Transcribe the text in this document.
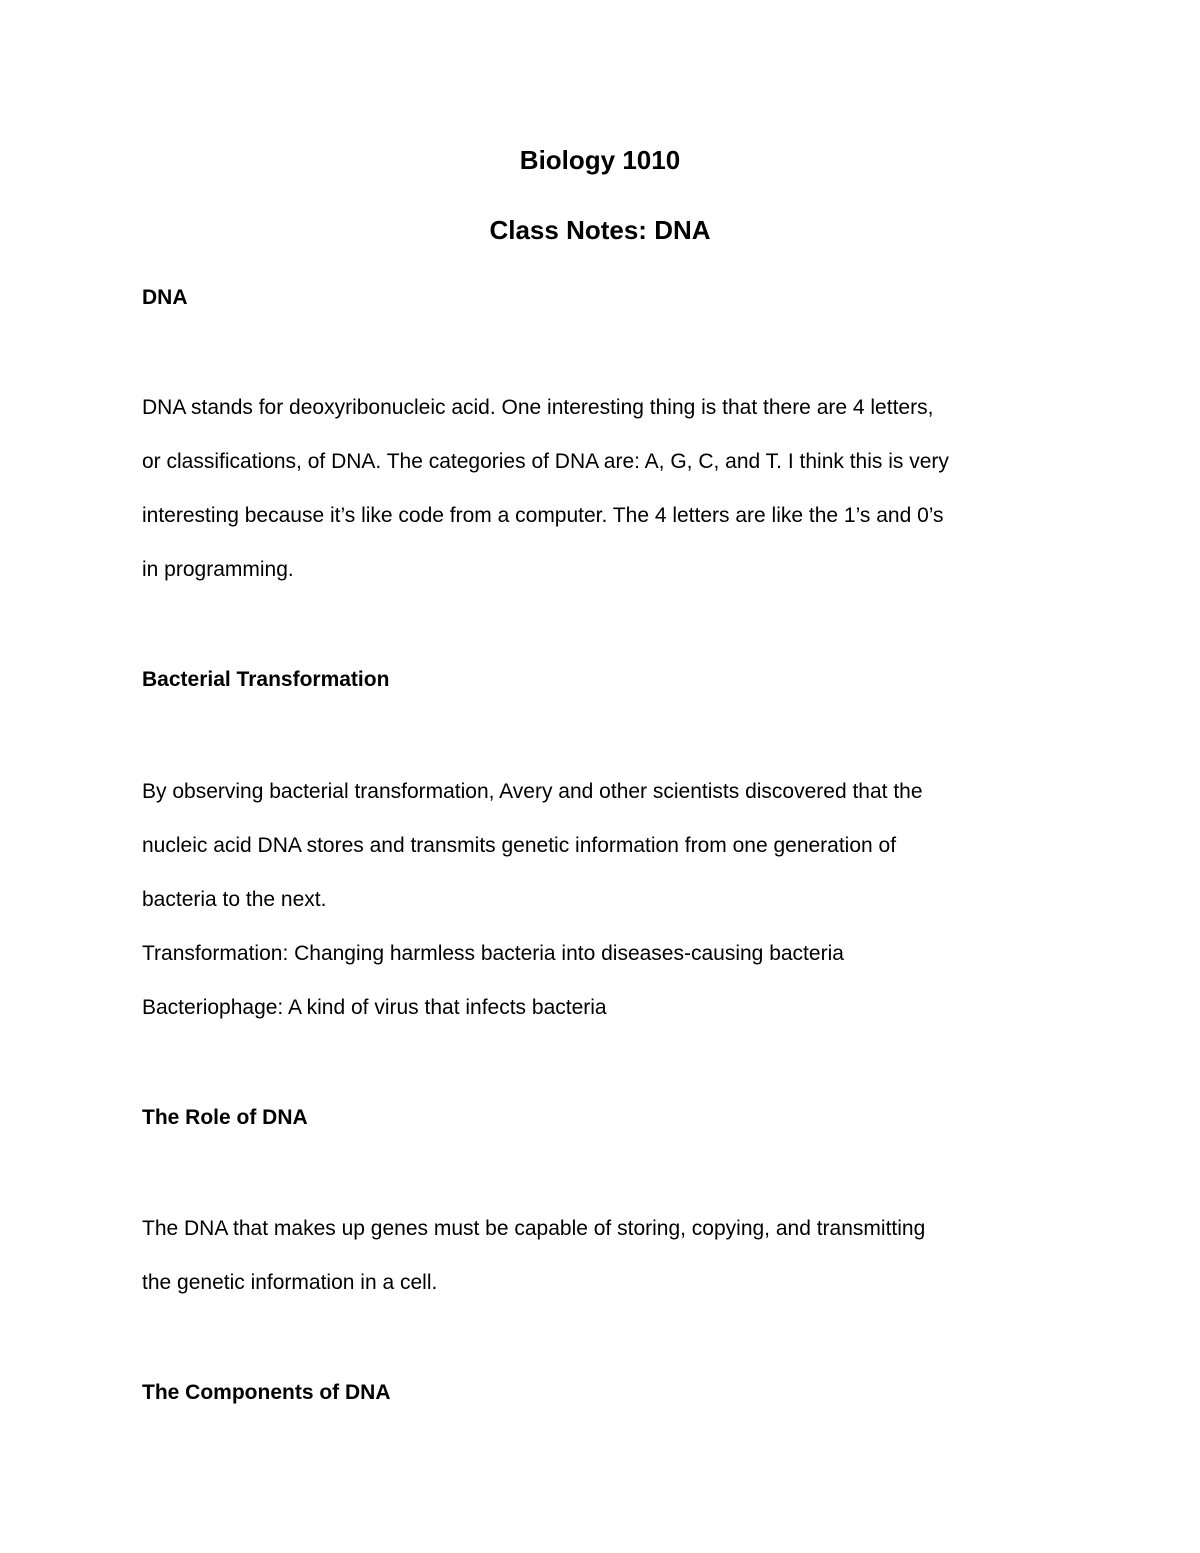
Biology 1010
Class Notes: DNA
DNA
DNA stands for deoxyribonucleic acid. One interesting thing is that there are 4 letters,
or classifications, of DNA. The categories of DNA are: A, G, C, and T. I think this is very
interesting because it’s like code from a computer. The 4 letters are like the 1’s and 0’s
in programming.
Bacterial Transformation
By observing bacterial transformation, Avery and other scientists discovered that the
nucleic acid DNA stores and transmits genetic information from one generation of
bacteria to the next.
Transformation: Changing harmless bacteria into diseases-causing bacteria
Bacteriophage: A kind of virus that infects bacteria
The Role of DNA
The DNA that makes up genes must be capable of storing, copying, and transmitting
the genetic information in a cell.
The Components of DNA
